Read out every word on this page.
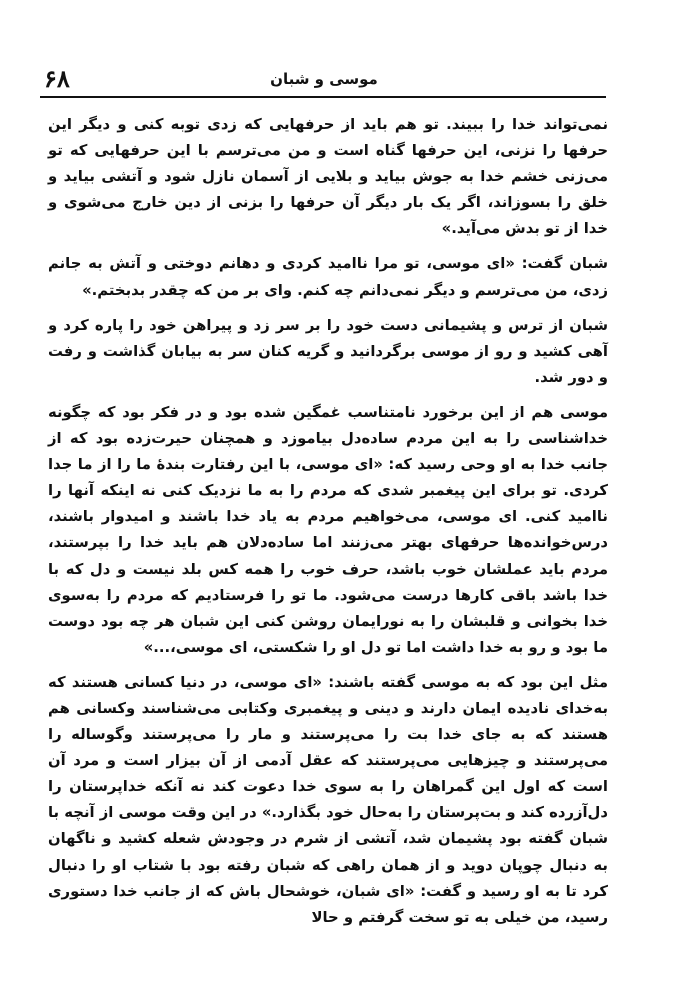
۶۸	موسی و شبان

نمی‌تواند خدا را ببیند. تو هم باید از حرفهایی که زدی توبه کنی و دیگر این حرفها را نزنی، این حرفها گناه است و من می‌ترسم با این حرفهایی که تو می‌زنی خشم خدا به جوش بیاید و بلایی از آسمان نازل شود و آتشی بیاید و خلق را بسوزاند، اگر یک بار دیگر آن حرفها را بزنی از دین خارج می‌شوی و خدا از تو بدش می‌آید.»

شبان گفت: «ای موسی، تو مرا ناامید کردی و دهانم دوختی و آتش به جانم زدی، من می‌ترسم و دیگر نمی‌دانم چه کنم. وای بر من که چقدر بدبختم.»

شبان از ترس و پشیمانی دست خود را بر سر زد و پیراهن خود را پاره کرد و آهی کشید و رو از موسی برگردانید و گریه کنان سر به بیابان گذاشت و رفت و دور شد.

موسی هم از این برخورد نامتناسب غمگین شده بود و در فکر بود که چگونه خداشناسی را به این مردم ساده‌دل بیاموزد و همچنان حیرت‌زده بود که از جانب خدا به او وحی رسید که: «ای موسی، با این رفتارت بندهٔ ما را از ما جدا کردی. تو برای این پیغمبر شدی که مردم را به ما نزدیک کنی نه اینکه آنها را ناامید کنی. ای موسی، می‌خواهیم مردم به یاد خدا باشند و امیدوار باشند، درس‌خوانده‌ها حرفهای بهتر می‌زنند اما ساده‌دلان هم باید خدا را بپرستند، مردم باید عملشان خوب باشد، حرف خوب را همه کس بلد نیست و دل که با خدا باشد باقی کارها درست می‌شود. ما تو را فرستادیم که مردم را به‌سوی خدا بخوانی و قلبشان را به نورایمان روشن کنی این شبان هر چه بود دوست ما بود و رو به خدا داشت اما تو دل او را شکستی، ای موسی،...»

مثل این بود که به موسی گفته باشند: «ای موسی، در دنیا کسانی هستند که به‌خدای نادیده ایمان دارند و دینی و پیغمبری وکتابی می‌شناسند وکسانی هم هستند که به جای خدا بت را می‌پرستند و مار را می‌پرستند وگوساله را می‌پرستند و چیزهایی می‌پرستند که عقل آدمی از آن بیزار است و مرد آن است که اول این گمراهان را به سوی خدا دعوت کند نه آنکه خداپرستان را دل‌آزرده کند و بت‌پرستان را به‌حال خود بگذارد.» در این وقت موسی از آنچه با شبان گفته بود پشیمان شد، آتشی از شرم در وجودش شعله کشید و ناگهان به دنبال چوپان دوید و از همان راهی که شبان رفته بود با شتاب او را دنبال کرد تا به او رسید و گفت: «ای شبان، خوشحال باش که از جانب خدا دستوری رسید، من خیلی به تو سخت گرفتم و حالا
